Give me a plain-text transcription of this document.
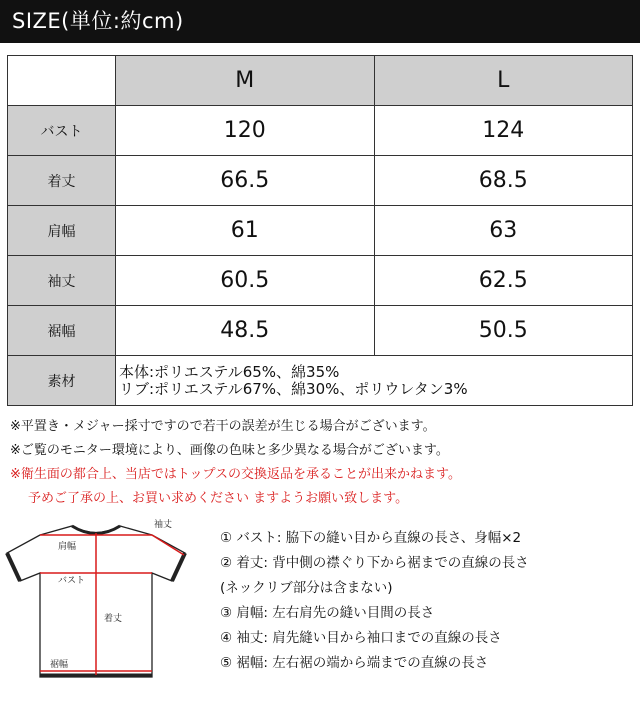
SIZE(単位:約cm)
	M	L
バスト	120	124
着丈	66.5	68.5
肩幅	61	63
袖丈	60.5	62.5
裾幅	48.5	50.5
素材	本体:ポリエステル65%、綿35%
リブ:ポリエステル67%、綿30%、ポリウレタン3%	
※平置き・メジャー採寸ですので若干の誤差が生じる場合がございます。
※ご覧のモニター環境により、画像の色味と多少異なる場合がございます。
※衛生面の都合上、当店ではトップスの交換返品を承ることが出来かねます。
予めご了承の上、お買い求めください ますようお願い致します。
袖丈
肩幅
バスト
着丈
裾幅
① バスト: 脇下の縫い目から直線の長さ、身幅×2
② 着丈: 背中側の襟ぐり下から裾までの直線の長さ
(ネックリブ部分は含まない)
③ 肩幅: 左右肩先の縫い目間の長さ
④ 袖丈: 肩先縫い目から袖口までの直線の長さ
⑤ 裾幅: 左右裾の端から端までの直線の長さ
